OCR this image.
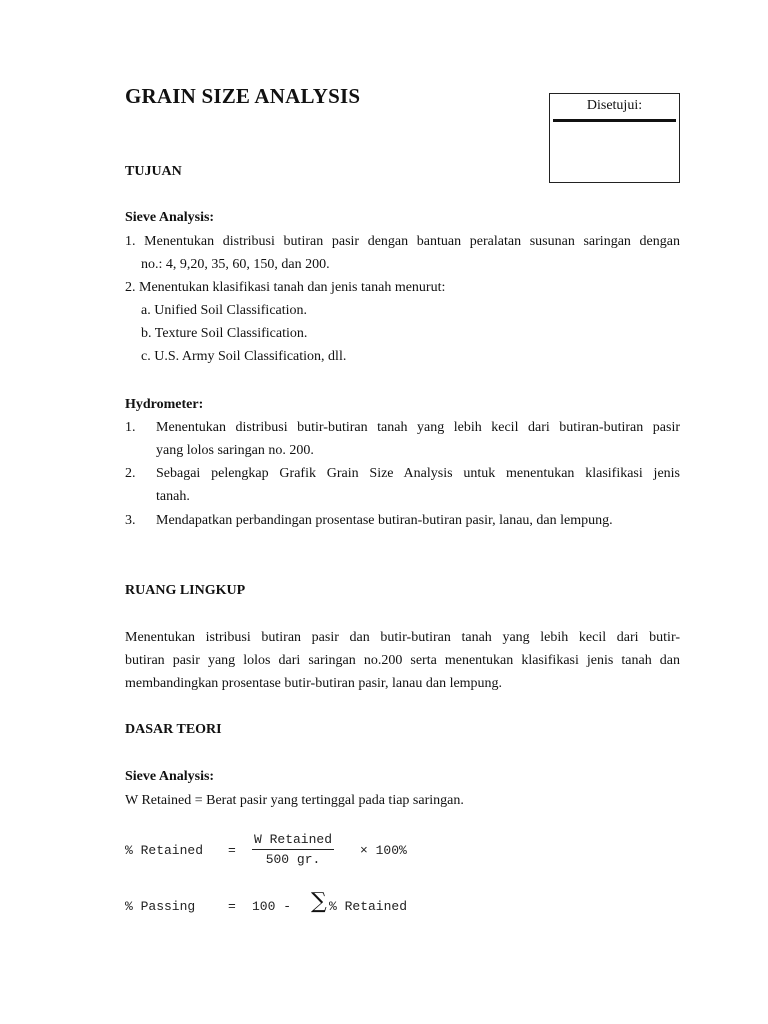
GRAIN SIZE ANALYSIS	Disetujui:
TUJUAN
Sieve Analysis:
1. Menentukan distribusi butiran pasir dengan bantuan peralatan susunan saringan dengan
no.: 4, 9,20, 35, 60, 150, dan 200.
2. Menentukan klasifikasi tanah dan jenis tanah menurut:
a. Unified Soil Classification.
b. Texture Soil Classification.
c. U.S. Army Soil Classification, dll.
Hydrometer:
1. Menentukan distribusi butir-butiran tanah yang lebih kecil dari butiran-butiran pasir
yang lolos saringan no. 200.
2. Sebagai pelengkap Grafik Grain Size Analysis untuk menentukan klasifikasi jenis
tanah.
3. Mendapatkan perbandingan prosentase butiran-butiran pasir, lanau, dan lempung.
RUANG LINGKUP
Menentukan istribusi butiran pasir dan butir-butiran tanah yang lebih kecil dari butir-
butiran pasir yang lolos dari saringan no.200 serta menentukan klasifikasi jenis tanah dan
membandingkan prosentase butir-butiran pasir, lanau dan lempung.
DASAR TEORI
Sieve Analysis:
W Retained = Berat pasir yang tertinggal pada tiap saringan.
% Retained =
W Retained
500 gr.
× 100%
% Passing	= 100 - ∑ % Retained
